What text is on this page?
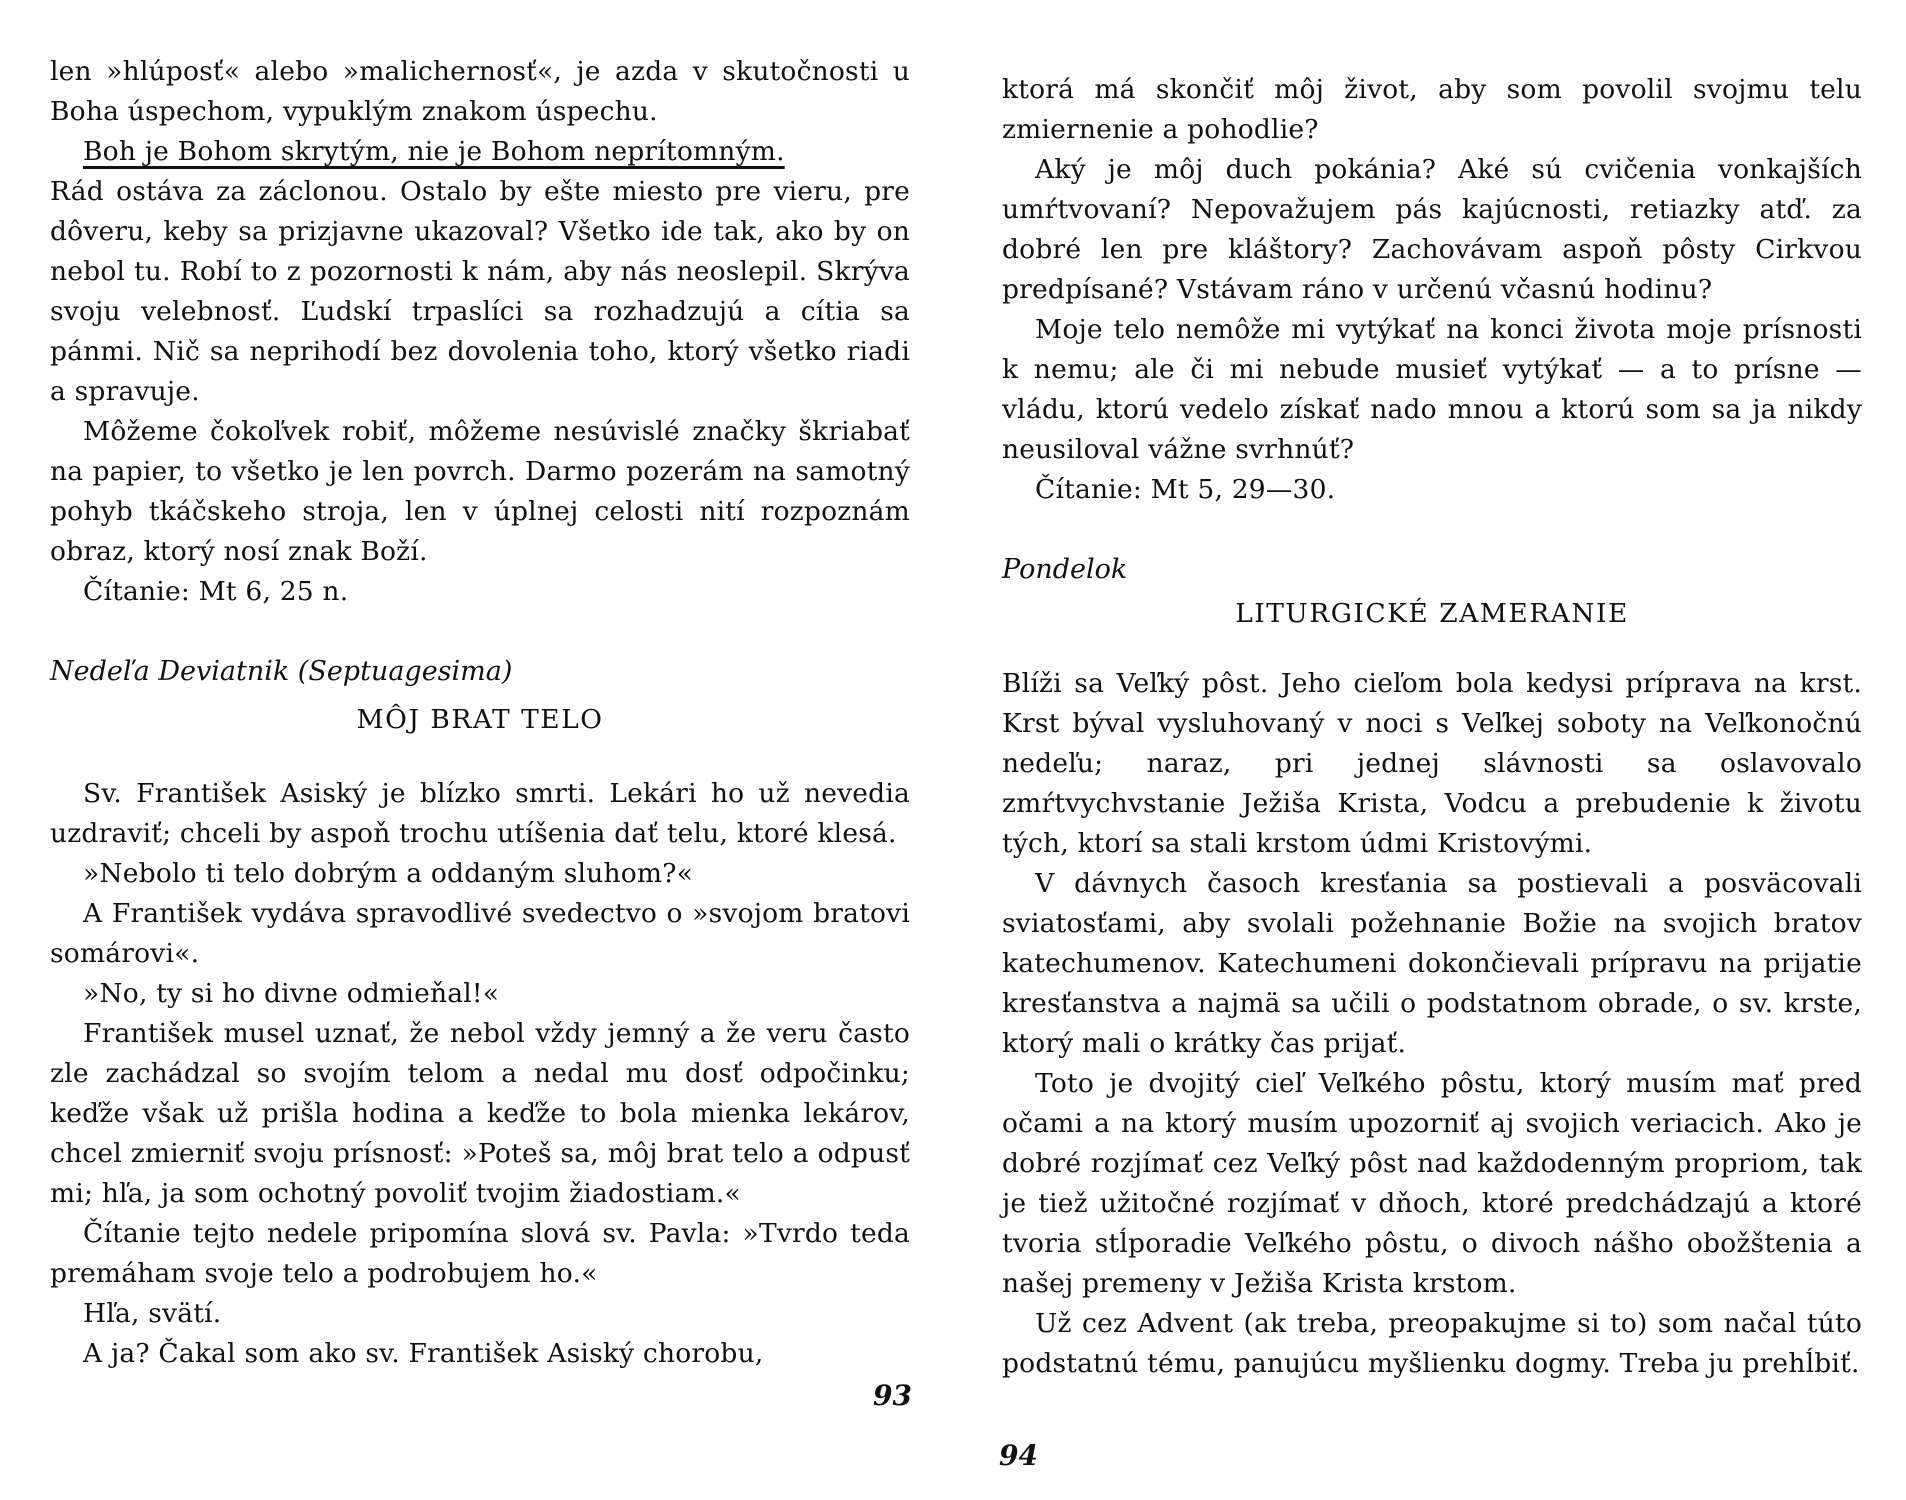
len »hlúposť« alebo »malichernosť«, je azda v skutočnosti u Boha úspechom, vypuklým znakom úspechu.

Boh je Bohom skrytým, nie je Bohom neprítomným.

Rád ostáva za záclonou. Ostalo by ešte miesto pre vieru, pre dôveru, keby sa prizjavne ukazoval? Všetko ide tak, ako by on nebol tu. Robí to z pozornosti k nám, aby nás neoslepil. Skrýva svoju velebnosť. Ľudskí trpaslíci sa rozhadzujú a cítia sa pánmi. Nič sa neprihodí bez dovolenia toho, ktorý všetko riadi a spravuje.

Môžeme čokoľvek robiť, môžeme nesúvislé značky škriabať na papier, to všetko je len povrch. Darmo pozerám na samotný pohyb tkáčskeho stroja, len v úplnej celosti nití rozpoznám obraz, ktorý nosí znak Boží.

Čítanie: Mt 6, 25 n.

Nedeľa Deviatnik (Septuagesima)

MÔJ BRAT TELO

Sv. František Asiský je blízko smrti. Lekári ho už nevedia uzdraviť; chceli by aspoň trochu utíšenia dať telu, ktoré klesá.

»Nebolo ti telo dobrým a oddaným sluhom?«

A František vydáva spravodlivé svedectvo o »svojom bratovi somárovi«.

»No, ty si ho divne odmieňal!«

František musel uznať, že nebol vždy jemný a že veru často zle zachádzal so svojím telom a nedal mu dosť odpočinku; keďže však už prišla hodina a keďže to bola mienka lekárov, chcel zmierniť svoju prísnosť: »Poteš sa, môj brat telo a odpusť mi; hľa, ja som ochotný povoliť tvojim žiadostiam.«

Čítanie tejto nedele pripomína slová sv. Pavla: »Tvrdo teda premáham svoje telo a podrobujem ho.«

Hľa, svätí.

A ja? Čakal som ako sv. František Asiský chorobu,

93

ktorá má skončiť môj život, aby som povolil svojmu telu zmiernenie a pohodlie?

Aký je môj duch pokánia? Aké sú cvičenia vonkajších umŕtvovaní? Nepovažujem pás kajúcnosti, retiazky atď. za dobré len pre kláštory? Zachovávam aspoň pôsty Cirkvou predpísané? Vstávam ráno v určenú včasnú hodinu?

Moje telo nemôže mi vytýkať na konci života moje prísnosti k nemu; ale či mi nebude musieť vytýkať — a to prísne — vládu, ktorú vedelo získať nado mnou a ktorú som sa ja nikdy neusiloval vážne svrhnúť?

Čítanie: Mt 5, 29—30.

Pondelok

LITURGICKÉ ZAMERANIE

Blíži sa Veľký pôst. Jeho cieľom bola kedysi príprava na krst. Krst býval vysluhovaný v noci s Veľkej soboty na Veľkonočnú nedeľu; naraz, pri jednej slávnosti sa oslavovalo zmŕtvychvstanie Ježiša Krista, Vodcu a prebudenie k životu tých, ktorí sa stali krstom údmi Kristovými.

V dávnych časoch kresťania sa postievali a posväcovali sviatosťami, aby svolali požehnanie Božie na svojich bratov katechumenov. Katechumeni dokončievali prípravu na prijatie kresťanstva a najmä sa učili o podstatnom obrade, o sv. krste, ktorý mali o krátky čas prijať.

Toto je dvojitý cieľ Veľkého pôstu, ktorý musím mať pred očami a na ktorý musím upozorniť aj svojich veriacich. Ako je dobré rozjímať cez Veľký pôst nad každodenným propriom, tak je tiež užitočné rozjímať v dňoch, ktoré predchádzajú a ktoré tvoria stĺporadie Veľkého pôstu, o divoch nášho obožštenia a našej premeny v Ježiša Krista krstom.

Už cez Advent (ak treba, preopakujme si to) som načal túto podstatnú tému, panujúcu myšlienku dogmy. Treba ju prehĺbiť.

94
